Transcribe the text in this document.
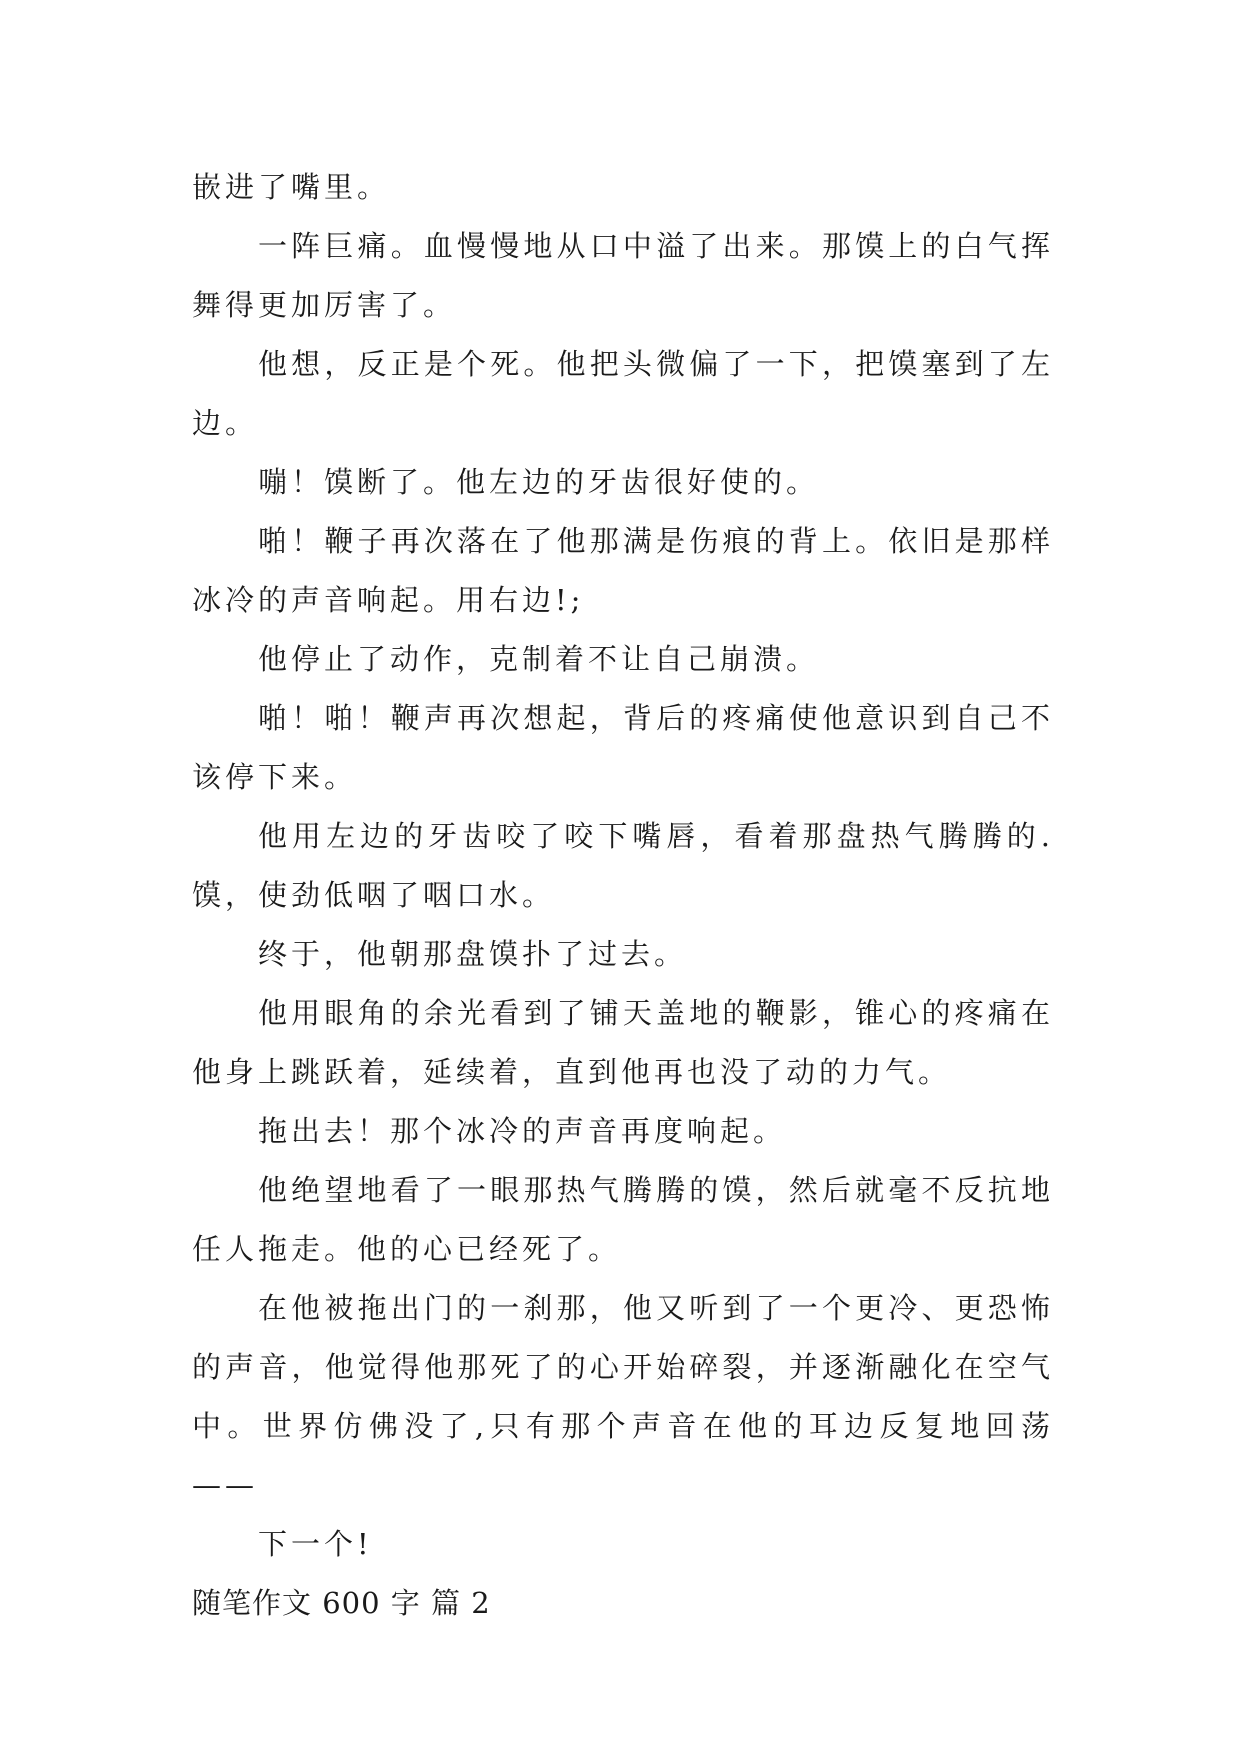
嵌进了嘴里。

一阵巨痛。血慢慢地从口中溢了出来。那馍上的白气挥舞得更加厉害了。

他想，反正是个死。他把头微偏了一下，把馍塞到了左边。

嘣！馍断了。他左边的牙齿很好使的。

啪！鞭子再次落在了他那满是伤痕的背上。依旧是那样冰冷的声音响起。用右边!;

他停止了动作，克制着不让自己崩溃。

啪！啪！鞭声再次想起，背后的疼痛使他意识到自己不该停下来。

他用左边的牙齿咬了咬下嘴唇，看着那盘热气腾腾的.馍，使劲低咽了咽口水。

终于，他朝那盘馍扑了过去。

他用眼角的余光看到了铺天盖地的鞭影，锥心的疼痛在他身上跳跃着，延续着，直到他再也没了动的力气。

拖出去！那个冰冷的声音再度响起。

他绝望地看了一眼那热气腾腾的馍，然后就毫不反抗地任人拖走。他的心已经死了。

在他被拖出门的一刹那，他又听到了一个更冷、更恐怖的声音，他觉得他那死了的心开始碎裂，并逐渐融化在空气中。世界仿佛没了,只有那个声音在他的耳边反复地回荡——

下一个!

随笔作文 600 字 篇 2
